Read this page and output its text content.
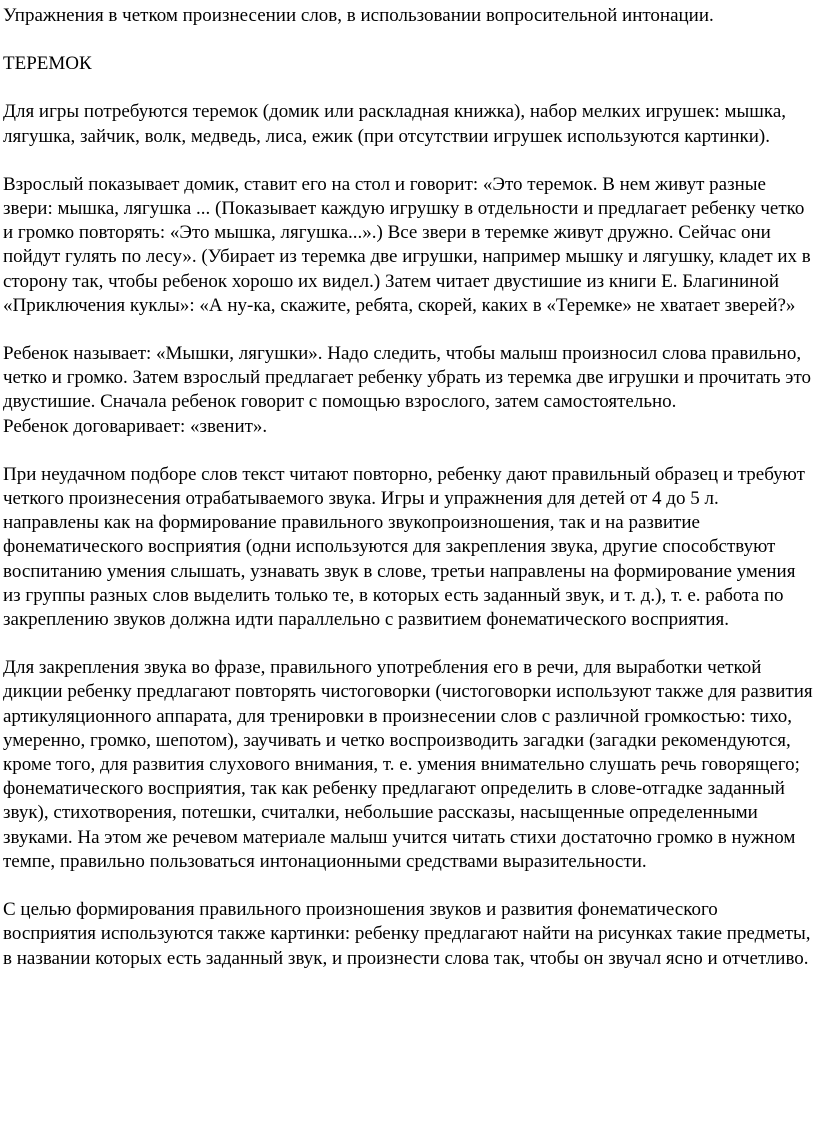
Упражнения в четком произнесении слов, в использовании вопросительной интонации.

ТЕРЕМОК

Для игры потребуются теремок (домик или раскладная книжка), набор мелких игрушек: мышка, лягушка, зайчик, волк, медведь, лиса, ежик (при отсутствии игрушек используются картинки).

Взрослый показывает домик, ставит его на стол и говорит: «Это теремок. В нем живут разные звери: мышка, лягушка ... (Показывает каждую игрушку в отдельности и предлагает ребенку четко и громко повторять: «Это мышка, лягушка...».) Все звери в теремке живут дружно. Сейчас они пойдут гулять по лесу». (Убирает из теремка две игрушки, например мышку и лягушку, кладет их в сторону так, чтобы ребенок хорошо их видел.) Затем читает двустишие из книги Е. Благининой «Приключения куклы»: «А ну-ка, скажите, ребята, скорей, каких в «Теремке» не хватает зверей?»

Ребенок называет: «Мышки, лягушки». Надо следить, чтобы малыш произносил слова правильно, четко и громко. Затем взрослый предлагает ребенку убрать из теремка две игрушки и прочитать это двустишие. Сначала ребенок говорит с помощью взрослого, затем самостоятельно.

Ребенок договаривает: «звенит».

При неудачном подборе слов текст читают повторно, ребенку дают правильный образец и требуют четкого произнесения отрабатываемого звука. Игры и упражнения для детей от 4 до 5 л. направлены как на формирование правильного звукопроизношения, так и на развитие фонематического восприятия (одни используются для закрепления звука, другие способствуют воспитанию умения слышать, узнавать звук в слове, третьи направлены на формирование умения из группы разных слов выделить только те, в которых есть заданный звук, и т. д.), т. е. работа по закреплению звуков должна идти параллельно с развитием фонематического восприятия.

Для закрепления звука во фразе, правильного употребления его в речи, для выработки четкой дикции ребенку предлагают повторять чистоговорки (чистоговорки используют также для развития артикуляционного аппарата, для тренировки в произнесении слов с различной громкостью: тихо, умеренно, громко, шепотом), заучивать и четко воспроизводить загадки (загадки рекомендуются, кроме того, для развития слухового внимания, т. е. умения внимательно слушать речь говорящего; фонематического восприятия, так как ребенку предлагают определить в слове-отгадке заданный звук), стихотворения, потешки, считалки, небольшие рассказы, насыщенные определенными звуками. На этом же речевом материале малыш учится читать стихи достаточно громко в нужном темпе, правильно пользоваться интонационными средствами выразительности.

С целью формирования правильного произношения звуков и развития фонематического восприятия используются также картинки: ребенку предлагают найти на рисунках такие предметы, в названии которых есть заданный звук, и произнести слова так, чтобы он звучал ясно и отчетливо.
